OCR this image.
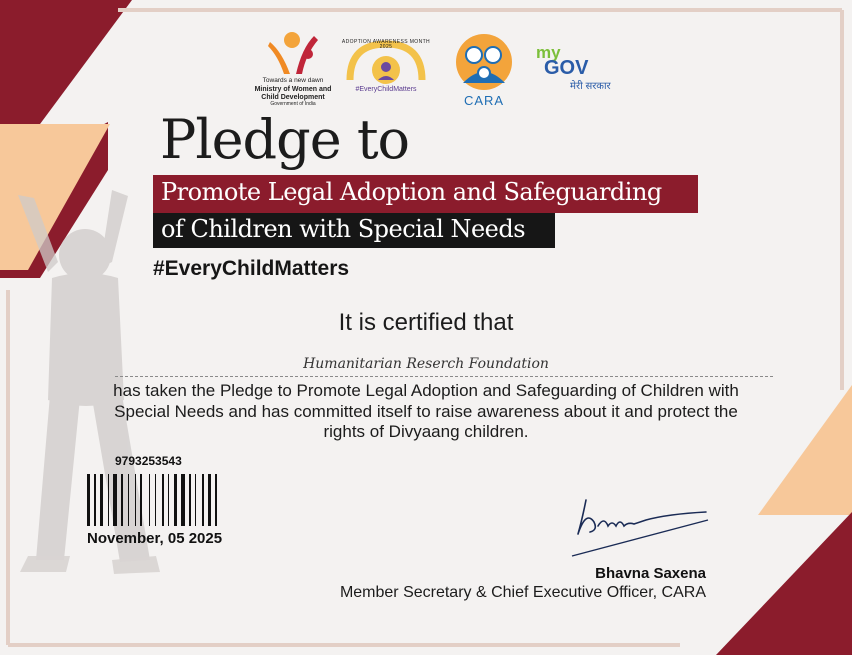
Towards a new dawn
Ministry of Women and
Child Development
Government of India
ADOPTION AWARENESS MONTH 2025
#EveryChildMatters
CARA
my
GOV
मेरी सरकार
Pledge to
Promote Legal Adoption and Safeguarding
of Children with Special Needs
#EveryChildMatters
It is certified that
Humanitarian Reserch Foundation
has taken the Pledge to Promote Legal Adoption and Safeguarding of Children with Special Needs and has committed itself to raise awareness about it and protect the rights of Divyaang children.
9793253543
November, 05 2025
Bhavna Saxena
Member Secretary & Chief Executive Officer, CARA
